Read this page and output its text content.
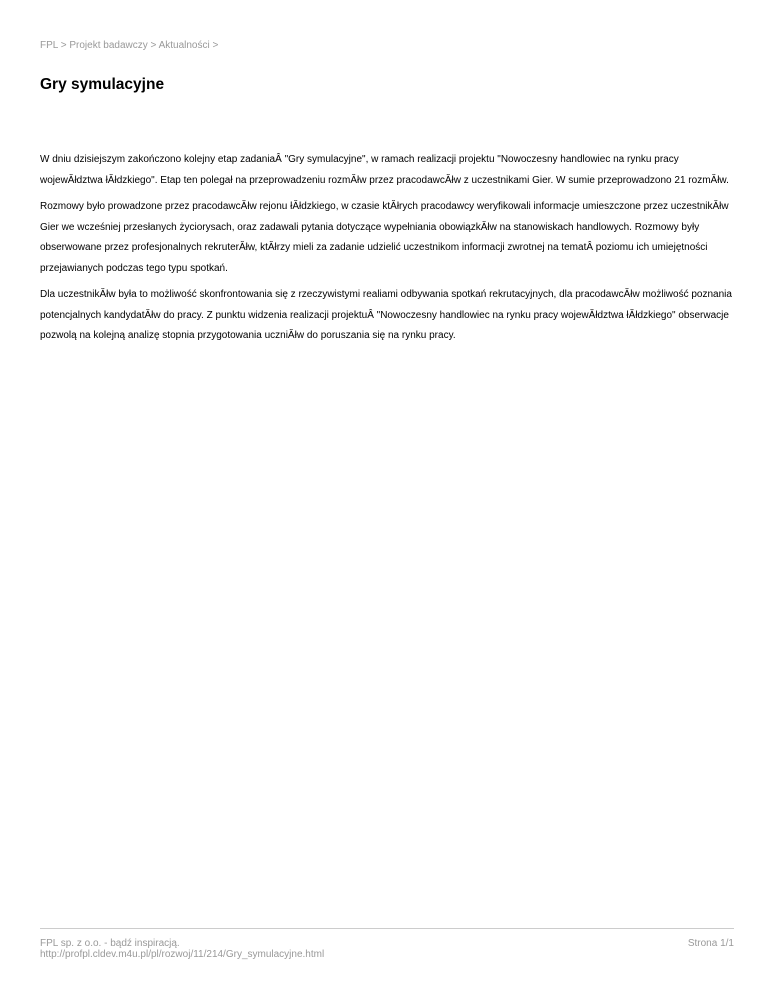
FPL > Projekt badawczy > Aktualności >
Gry symulacyjne

W dniu dzisiejszym zakończono kolejny etap zadaniaÂ "Gry symulacyjne", w ramach realizacji projektu "Nowoczesny handlowiec na rynku pracy wojewĂłdztwa łĂłdzkiego". Etap ten polegał na przeprowadzeniu rozmĂłw przez pracodawcĂłw z uczestnikami Gier. W sumie przeprowadzono 21 rozmĂłw.

Rozmowy było prowadzone przez pracodawcĂłw rejonu łĂłdzkiego, w czasie ktĂłrych pracodawcy weryfikowali informacje umieszczone przez uczestnikĂłw Gier we wcześniej przesłanych życiorysach, oraz zadawali pytania dotyczące wypełniania obowiązkĂłw na stanowiskach handlowych. Rozmowy były obserwowane przez profesjonalnych rekruterĂłw, ktĂłrzy mieli za zadanie udzielić uczestnikom informacji zwrotnej na tematÂ poziomu ich umiejętności przejawianych podczas tego typu spotkań.

Dla uczestnikĂłw była to możliwość skonfrontowania się z rzeczywistymi realiami odbywania spotkań rekrutacyjnych, dla pracodawcĂłw możliwość poznania potencjalnych kandydatĂłw do pracy. Z punktu widzenia realizacji projektuÂ "Nowoczesny handlowiec na rynku pracy wojewĂłdztwa łĂłdzkiego" obserwacje pozwolą na kolejną analizę stopnia przygotowania uczniĂłw do poruszania się na rynku pracy.

FPL sp. z o.o. - bądź inspiracją.
http://profpl.cldev.m4u.pl/pl/rozwoj/11/214/Gry_symulacyjne.html
Strona 1/1
